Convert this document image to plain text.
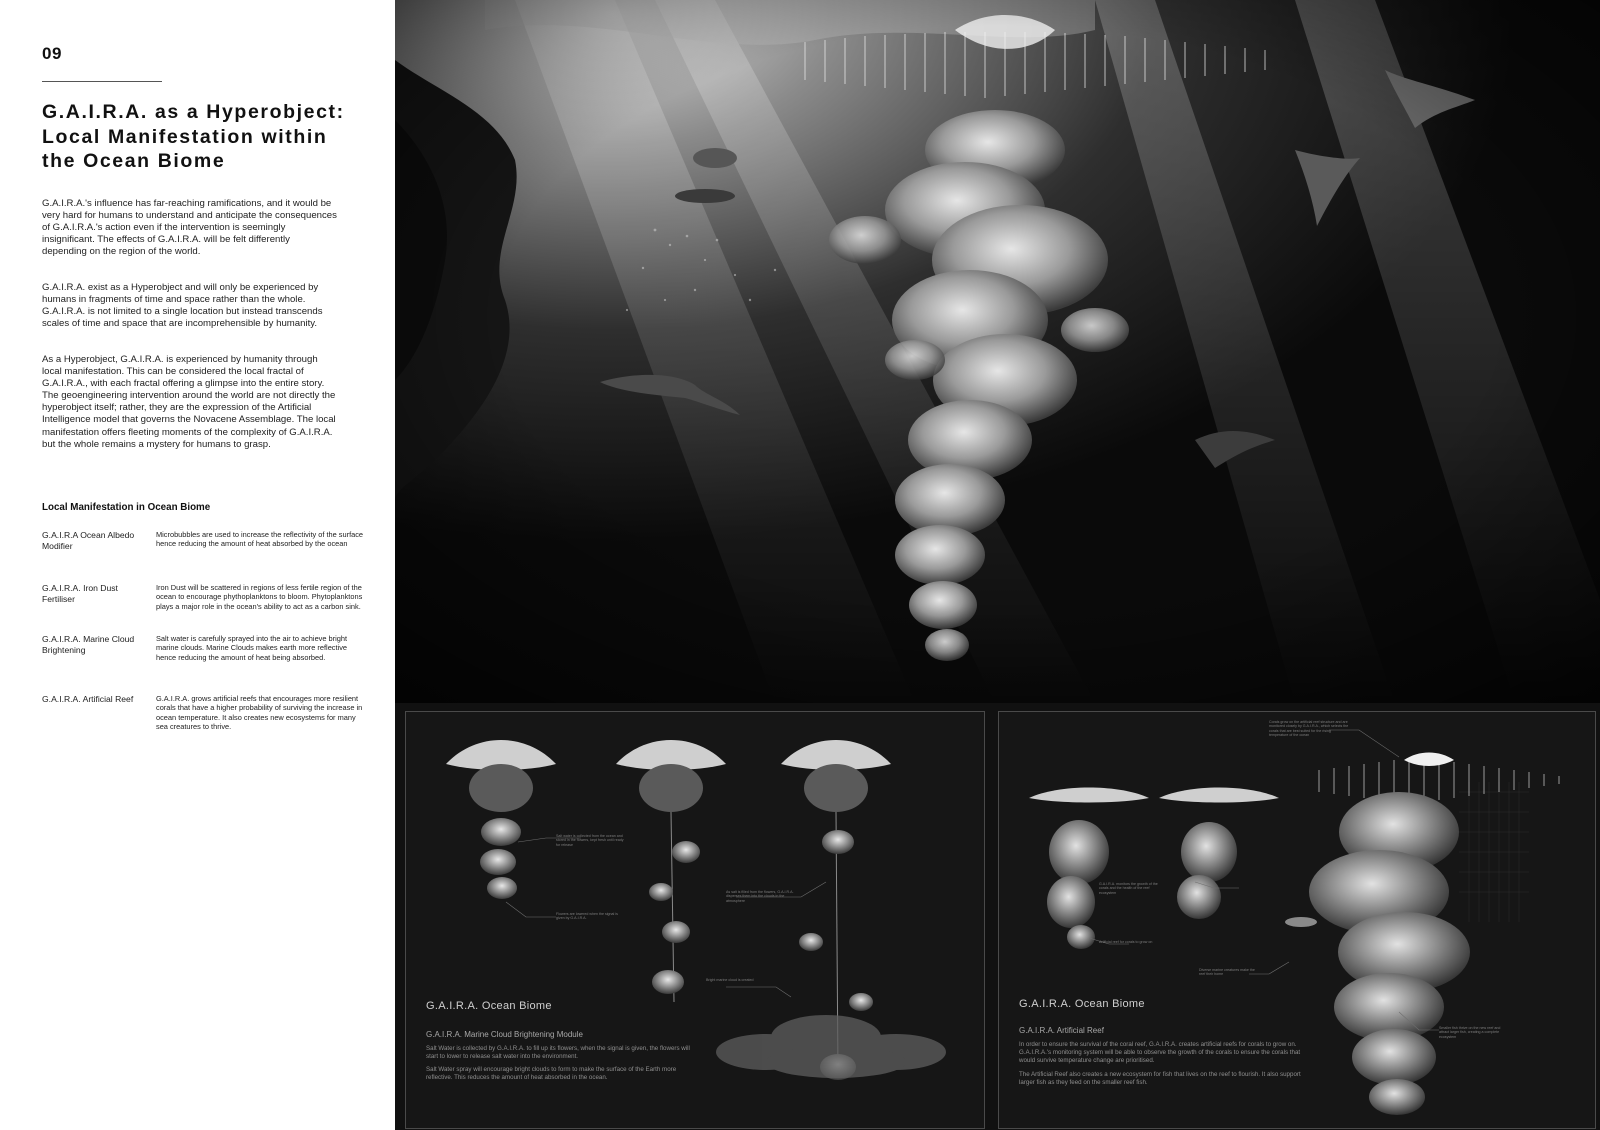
09
G.A.I.R.A. as a Hyperobject:
Local Manifestation within
the Ocean Biome

G.A.I.R.A.'s influence has far-reaching ramifications, and it would be very hard for humans to understand and anticipate the consequences of G.A.I.R.A.'s action even if the intervention is seemingly insignificant. The effects of G.A.I.R.A. will be felt differently depending on the region of the world.

G.A.I.R.A. exist as a Hyperobject and will only be experienced by humans in fragments of time and space rather than the whole. G.A.I.R.A. is not limited to a single location but instead transcends scales of time and space that are incomprehensible by humanity.

As a Hyperobject, G.A.I.R.A. is experienced by humanity through local manifestation. This can be considered the local fractal of G.A.I.R.A., with each fractal offering a glimpse into the entire story. The geoengineering intervention around the world are not directly the hyperobject itself; rather, they are the expression of the Artificial Intelligence model that governs the Novacene Assemblage. The local manifestation offers fleeting moments of the complexity of G.A.I.R.A. but the whole remains a mystery for humans to grasp.

Local Manifestation in Ocean Biome
G.A.I.R.A Ocean Albedo Modifier
Microbubbles are used to increase the reflectivity of the surface hence reducing the amount of heat absorbed by the ocean
G.A.I.R.A. Iron Dust Fertiliser
Iron Dust will be scattered in regions of less fertile region of the ocean to encourage phythoplanktons to bloom. Phytoplanktons plays a major role in the ocean's ability to act as a carbon sink.
G.A.I.R.A. Marine Cloud Brightening
Salt water is carefully sprayed into the air to achieve bright marine clouds. Marine Clouds makes earth more reflective hence reducing the amount of heat being absorbed.
G.A.I.R.A. Artificial Reef	G.A.I.R.A. grows artificial reefs that encourages more resilient corals that have a higher probability of surviving the increase in ocean temperature. It also creates new ecosystems for many sea creatures to thrive.
Salt water is collected from the ocean and stored in the flowers, kept fresh until ready for release
Flowers are lowered when the signal is given by G.A.I.R.A.
As salt is filled from the flowers, G.A.I.R.A. disperses them into the clouds in the atmosphere
Bright marine cloud is created
G.A.I.R.A. Ocean Biome
G.A.I.R.A. Marine Cloud Brightening Module
Salt Water is collected by G.A.I.R.A. to fill up its flowers, when the signal is given, the flowers will start to lower to release salt water into the environment.
Salt Water spray will encourage bright clouds to form to make the surface of the Earth more reflective. This reduces the amount of heat absorbed in the ocean.
Corals grow on the artificial reef structure and are monitored closely by G.A.I.R.A., which selects the corals that are best suited for the rising temperature of the ocean
G.A.I.R.A. monitors the growth of the corals and the health of the reef ecosystem
Artificial reef for corals to grow on
Diverse marine creatures make the reef their home
Smaller fish thrive on the new reef and attract larger fish, creating a complete ecosystem
G.A.I.R.A. Ocean Biome
G.A.I.R.A. Artificial Reef
In order to ensure the survival of the coral reef, G.A.I.R.A. creates artificial reefs for corals to grow on. G.A.I.R.A.'s monitoring system will be able to observe the growth of the corals to ensure the corals that would survive temperature change are prioritised.
The Artificial Reef also creates a new ecosystem for fish that lives on the reef to flourish. It also support larger fish as they feed on the smaller reef fish.
